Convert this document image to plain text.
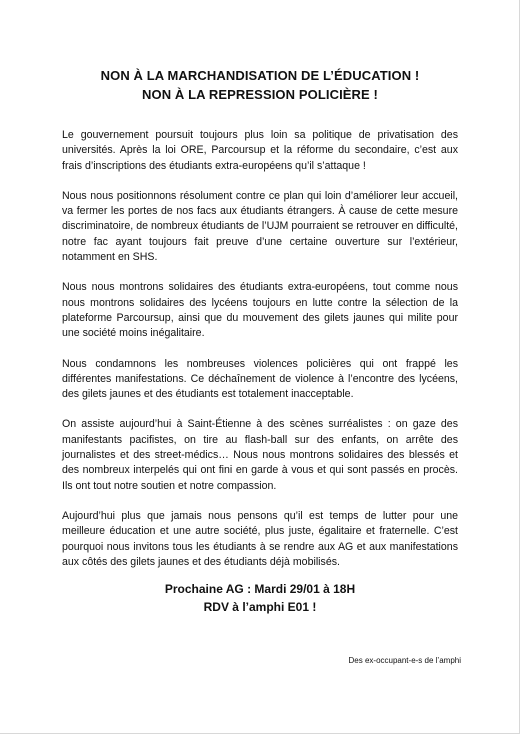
NON À LA MARCHANDISATION DE L’ÉDUCATION !
NON À LA REPRESSION POLICIÈRE !

Le gouvernement poursuit toujours plus loin sa politique de privatisation des universités. Après la loi ORE, Parcoursup et la réforme du secondaire, c’est aux frais d’inscriptions des étudiants extra-européens qu’il s’attaque !

Nous nous positionnons résolument contre ce plan qui loin d’améliorer leur accueil, va fermer les portes de nos facs aux étudiants étrangers. À cause de cette mesure discriminatoire, de nombreux étudiants de l’UJM pourraient se retrouver en difficulté, notre fac ayant toujours fait preuve d’une certaine ouverture sur l’extérieur, notamment en SHS.

Nous nous montrons solidaires des étudiants extra-européens, tout comme nous nous montrons solidaires des lycéens toujours en lutte contre la sélection de la plateforme Parcoursup, ainsi que du mouvement des gilets jaunes qui milite pour une société moins inégalitaire.

Nous condamnons les nombreuses violences policières qui ont frappé les différentes manifestations. Ce déchaînement de violence à l’encontre des lycéens, des gilets jaunes et des étudiants est totalement inacceptable.

On assiste aujourd’hui à Saint-Étienne à des scènes surréalistes : on gaze des manifestants pacifistes, on tire au flash-ball sur des enfants, on arrête des journalistes et des street-médics… Nous nous montrons solidaires des blessés et des nombreux interpelés qui ont fini en garde à vous et qui sont passés en procès. Ils ont tout notre soutien et notre compassion.

Aujourd’hui plus que jamais nous pensons qu’il est temps de lutter pour une meilleure éducation et une autre société, plus juste, égalitaire et fraternelle. C’est pourquoi nous invitons tous les étudiants à se rendre aux AG et aux manifestations aux côtés des gilets jaunes et des étudiants déjà mobilisés.

Prochaine AG : Mardi 29/01 à 18H
RDV à l’amphi E01 !
Des ex-occupant-e-s de l’amphi
